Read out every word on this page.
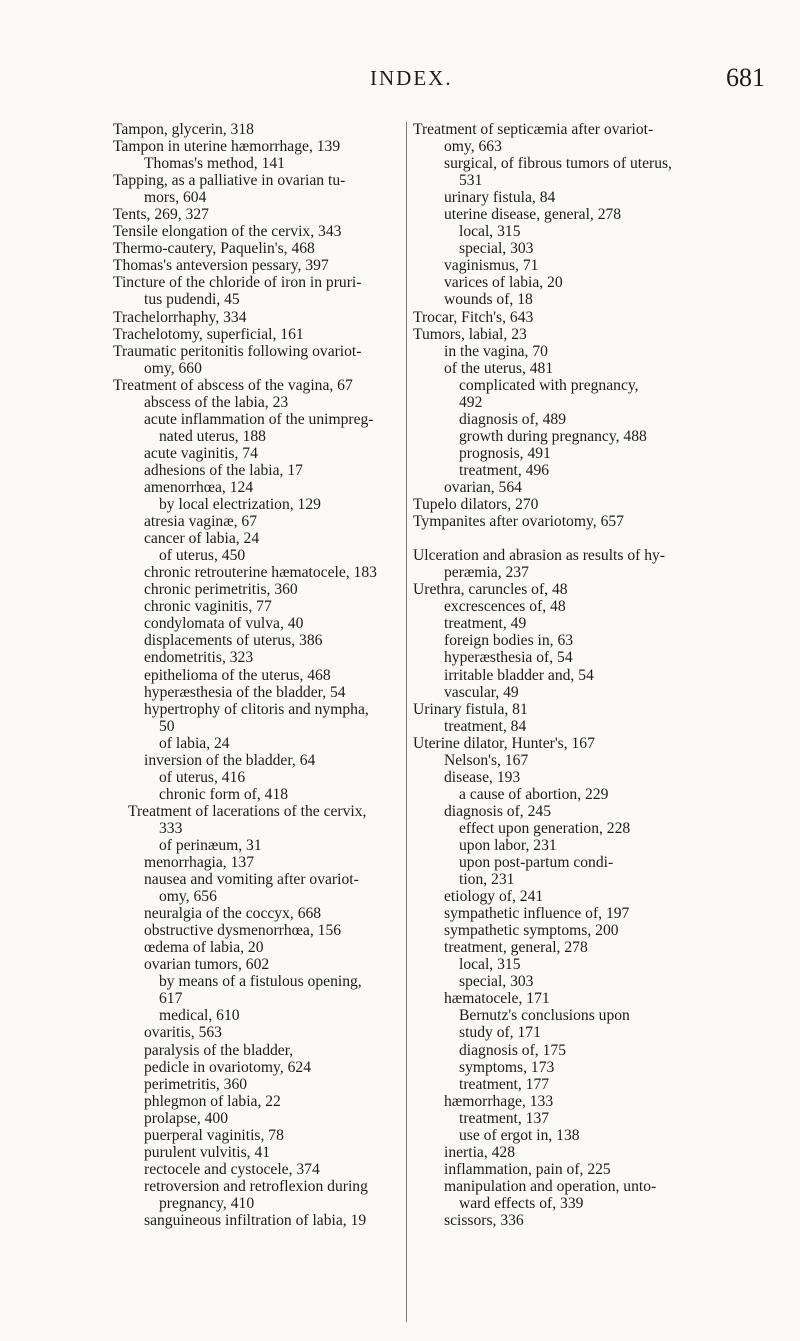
INDEX.	681
Tampon, glycerin, 318
Tampon in uterine hæmorrhage, 139
Thomas's method, 141
Tapping, as a palliative in ovarian tu-
mors, 604
Tents, 269, 327
Tensile elongation of the cervix, 343
Thermo-cautery, Paquelin's, 468
Thomas's anteversion pessary, 397
Tincture of the chloride of iron in pruri-
tus pudendi, 45
Trachelorrhaphy, 334
Trachelotomy, superficial, 161
Traumatic peritonitis following ovariot-
omy, 660
Treatment of abscess of the vagina, 67
abscess of the labia, 23
acute inflammation of the unimpreg-
nated uterus, 188
acute vaginitis, 74
adhesions of the labia, 17
amenorrhœa, 124
by local electrization, 129
atresia vaginæ, 67
cancer of labia, 24
of uterus, 450
chronic retrouterine hæmatocele, 183
chronic perimetritis, 360
chronic vaginitis, 77
condylomata of vulva, 40
displacements of uterus, 386
endometritis, 323
epithelioma of the uterus, 468
hyperæsthesia of the bladder, 54
hypertrophy of clitoris and nympha,
50
of labia, 24
inversion of the bladder, 64
of uterus, 416
chronic form of, 418
Treatment of lacerations of the cervix,
333
of perinæum, 31
menorrhagia, 137
nausea and vomiting after ovariot-
omy, 656
neuralgia of the coccyx, 668
obstructive dysmenorrhœa, 156
œdema of labia, 20
ovarian tumors, 602
by means of a fistulous opening,
617
medical, 610
ovaritis, 563
paralysis of the bladder,
pedicle in ovariotomy, 624
perimetritis, 360
phlegmon of labia, 22
prolapse, 400
puerperal vaginitis, 78
purulent vulvitis, 41
rectocele and cystocele, 374
retroversion and retroflexion during
pregnancy, 410
sanguineous infiltration of labia, 19
Treatment of septicæmia after ovariot-
omy, 663
surgical, of fibrous tumors of uterus,
531
urinary fistula, 84
uterine disease, general, 278
local, 315
special, 303
vaginismus, 71
varices of labia, 20
wounds of, 18
Trocar, Fitch's, 643
Tumors, labial, 23
in the vagina, 70
of the uterus, 481
complicated with pregnancy,
492
diagnosis of, 489
growth during pregnancy, 488
prognosis, 491
treatment, 496
ovarian, 564
Tupelo dilators, 270
Tympanites after ovariotomy, 657
Ulceration and abrasion as results of hy-
peræmia, 237
Urethra, caruncles of, 48
excrescences of, 48
treatment, 49
foreign bodies in, 63
hyperæsthesia of, 54
irritable bladder and, 54
vascular, 49
Urinary fistula, 81
treatment, 84
Uterine dilator, Hunter's, 167
Nelson's, 167
disease, 193
a cause of abortion, 229
diagnosis of, 245
effect upon generation, 228
upon labor, 231
upon post-partum condi-
tion, 231
etiology of, 241
sympathetic influence of, 197
sympathetic symptoms, 200
treatment, general, 278
local, 315
special, 303
hæmatocele, 171
Bernutz's conclusions upon
study of, 171
diagnosis of, 175
symptoms, 173
treatment, 177
hæmorrhage, 133
treatment, 137
use of ergot in, 138
inertia, 428
inflammation, pain of, 225
manipulation and operation, unto-
ward effects of, 339
scissors, 336
